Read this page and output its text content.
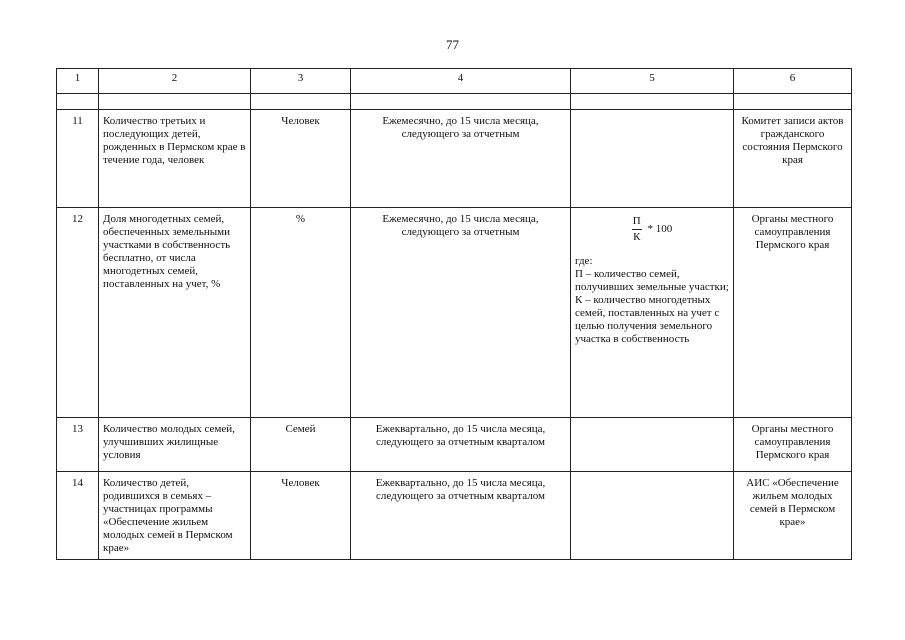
77
1	2	3	4	5	6

11	Количество третьих и последующих детей, рожденных в Пермском крае в течение года, человек	Человек	Ежемесячно, до 15 числа месяца, следующего за отчетным		Комитет записи актов гражданского состояния Пермского края
12	Доля многодетных семей, обеспеченных земельными участками в собственность бесплатно, от числа многодетных семей, поставленных на учет, %	%	Ежемесячно, до 15 числа месяца, следующего за отчетным	$\frac{П}{К} * 100$
где:
П – количество семей, получивших земельные участки;
К – количество многодетных семей, поставленных на учет с целью получения земельного участка в собственность	Органы местного самоуправления Пермского края
13	Количество молодых семей, улучшивших жилищные условия	Семей	Ежеквартально, до 15 числа месяца, следующего за отчетным кварталом		Органы местного самоуправления Пермского края
14	Количество детей, родившихся в семьях – участницах программы «Обеспечение жильем молодых семей в Пермском крае»	Человек	Ежеквартально, до 15 числа месяца, следующего за отчетным кварталом		АИС «Обеспечение жильем молодых семей в Пермском крае»
